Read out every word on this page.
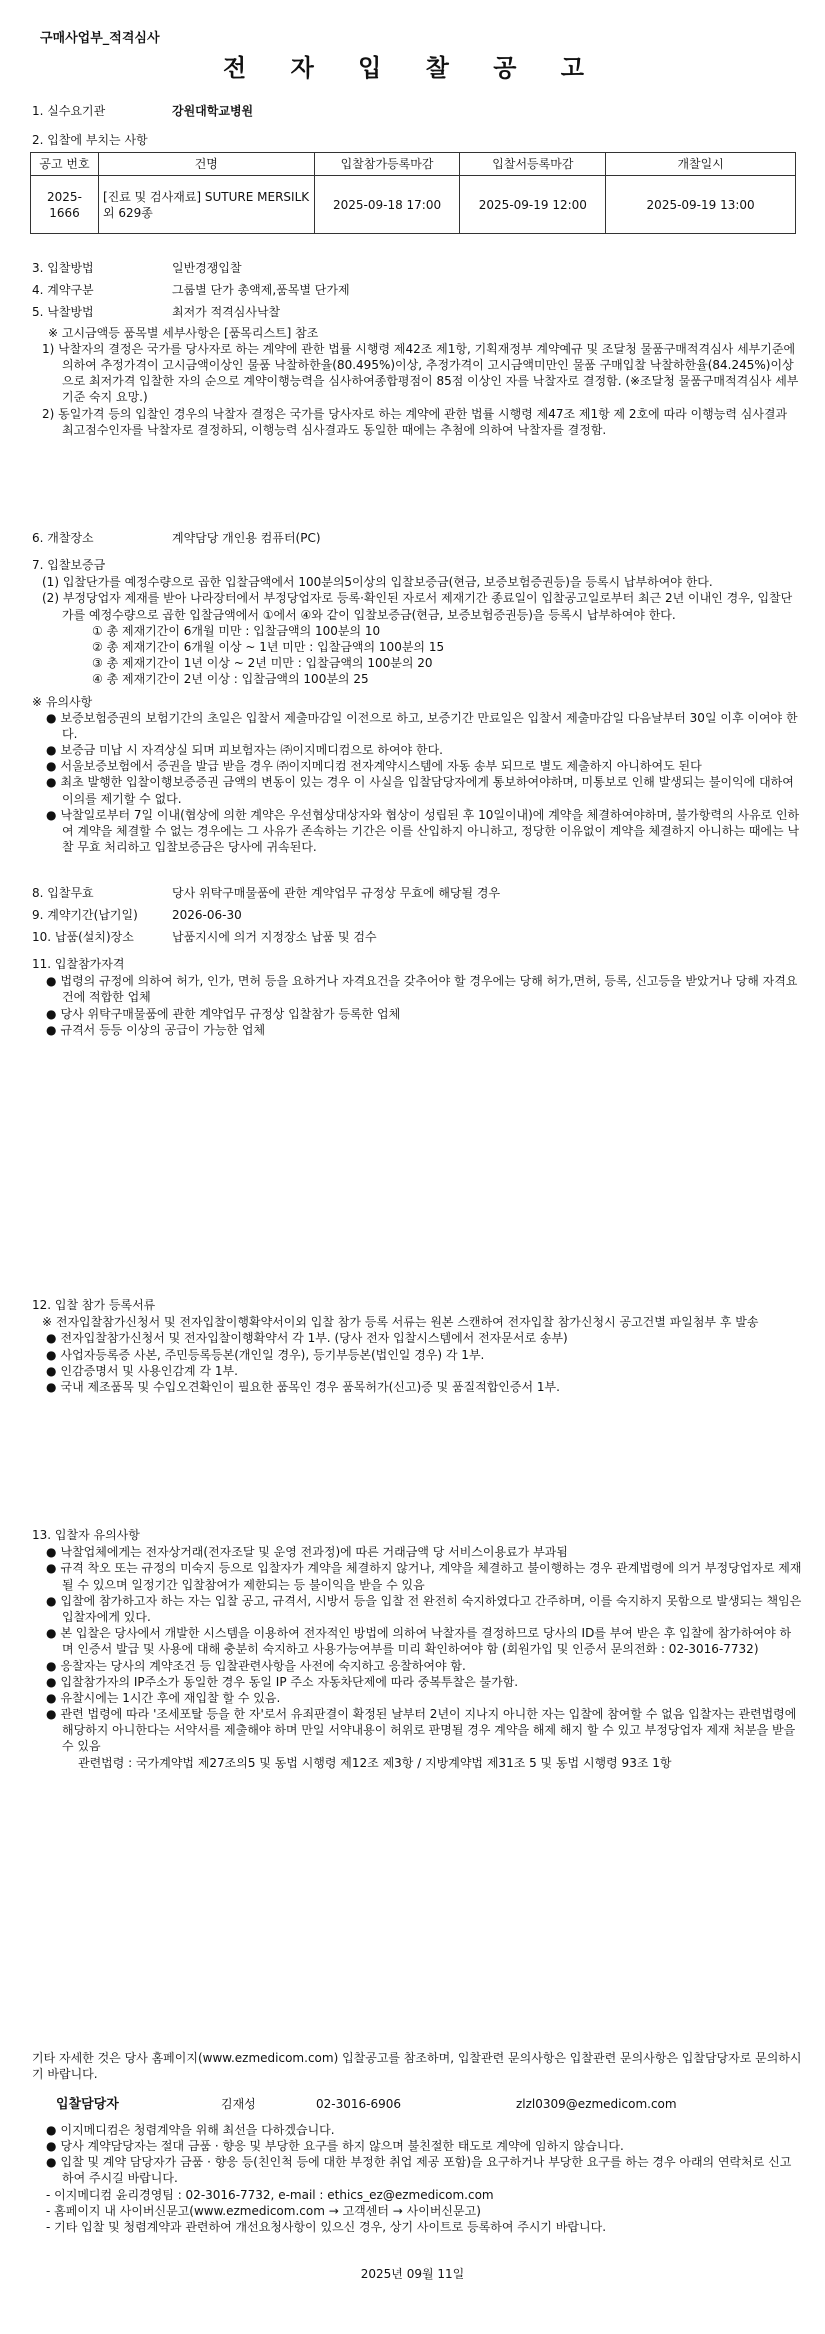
구매사업부_적격심사
전 자 입 찰 공 고
1. 실수요기관	강원대학교병원
2. 입찰에 부치는 사항
공고 번호	건명	입찰참가등록마감	입찰서등록마감	개찰일시
2025-1666	[진료 및 검사재료] SUTURE MERSILK 외 629종	2025-09-18 17:00	2025-09-19 12:00	2025-09-19 13:00
3. 입찰방법	일반경쟁입찰
4. 계약구분	그룹별 단가 총액제,품목별 단가제
5. 낙찰방법	최저가 적격심사낙찰
※ 고시금액등 품목별 세부사항은 [품목리스트] 참조
1) 낙찰자의 결정은 국가를 당사자로 하는 계약에 관한 법률 시행령 제42조 제1항, 기획재정부 계약예규 및 조달청 물품구매적격심사 세부기준에 의하여 추정가격이 고시금액이상인 물품 낙찰하한율(80.495%)이상, 추정가격이 고시금액미만인 물품 구매입찰 낙찰하한율(84.245%)이상으로 최저가격 입찰한 자의 순으로 계약이행능력을 심사하여종합평점이 85점 이상인 자를 낙찰자로 결정함. (※조달청 물품구매적격심사 세부기준 숙지 요망.)
2) 동일가격 등의 입찰인 경우의 낙찰자 결정은 국가를 당사자로 하는 계약에 관한 법률 시행령 제47조 제1항 제 2호에 따라 이행능력 심사결과 최고점수인자를 낙찰자로 결정하되, 이행능력 심사결과도 동일한 때에는 추첨에 의하여 낙찰자를 결정함.
6. 개찰장소	계약담당 개인용 컴퓨터(PC)
7. 입찰보증금
(1) 입찰단가를 예정수량으로 곱한 입찰금액에서 100분의5이상의 입찰보증금(현금, 보증보험증권등)을 등록시 납부하여야 한다.
(2) 부정당업자 제재를 받아 나라장터에서 부정당업자로 등록·확인된 자로서 제재기간 종료일이 입찰공고일로부터 최근 2년 이내인 경우, 입찰단가를 예정수량으로 곱한 입찰금액에서 ①에서 ④와 같이 입찰보증금(현금, 보증보험증권등)을 등록시 납부하여야 한다.
① 총 제재기간이 6개월 미만 : 입찰금액의 100분의 10
② 총 제재기간이 6개월 이상 ~ 1년 미만 : 입찰금액의 100분의 15
③ 총 제재기간이 1년 이상 ~ 2년 미만 : 입찰금액의 100분의 20
④ 총 제재기간이 2년 이상 : 입찰금액의 100분의 25
※ 유의사항
● 보증보험증권의 보험기간의 초일은 입찰서 제출마감일 이전으로 하고, 보증기간 만료일은 입찰서 제출마감일 다음날부터 30일 이후 이여야 한다.
● 보증금 미납 시 자격상실 되며 피보험자는 ㈜이지메디컴으로 하여야 한다.
● 서울보증보험에서 증권을 발급 받을 경우 ㈜이지메디컴 전자계약시스템에 자동 송부 되므로 별도 제출하지 아니하여도 된다
● 최초 발행한 입찰이행보증증권 금액의 변동이 있는 경우 이 사실을 입찰담당자에게 통보하여야하며, 미통보로 인해 발생되는 불이익에 대하여 이의를 제기할 수 없다.
● 낙찰일로부터 7일 이내(협상에 의한 계약은 우선협상대상자와 협상이 성립된 후 10일이내)에 계약을 체결하여야하며, 불가항력의 사유로 인하여 계약을 체결할 수 없는 경우에는 그 사유가 존속하는 기간은 이를 산입하지 아니하고, 정당한 이유없이 계약을 체결하지 아니하는 때에는 낙찰 무효 처리하고 입찰보증금은 당사에 귀속된다.
8. 입찰무효	당사 위탁구매물품에 관한 계약업무 규정상 무효에 해당될 경우
9. 계약기간(납기일)	2026-06-30
10. 납품(설치)장소	납품지시에 의거 지정장소 납품 및 검수
11. 입찰참가자격
● 법령의 규정에 의하여 허가, 인가, 면허 등을 요하거나 자격요건을 갖추어야 할 경우에는 당해 허가,면허, 등록, 신고등을 받았거나 당해 자격요건에 적합한 업체
● 당사 위탁구매물품에 관한 계약업무 규정상 입찰참가 등록한 업체
● 규격서 등등 이상의 공급이 가능한 업체
12. 입찰 참가 등록서류
※ 전자입찰참가신청서 및 전자입찰이행확약서이외 입찰 참가 등록 서류는 원본 스캔하여 전자입찰 참가신청시 공고건별 파일첨부 후 발송
● 전자입찰참가신청서 및 전자입찰이행확약서 각 1부. (당사 전자 입찰시스템에서 전자문서로 송부)
● 사업자등록증 사본, 주민등록등본(개인일 경우), 등기부등본(법인일 경우) 각 1부.
● 인감증명서 및 사용인감계 각 1부.
● 국내 제조품목 및 수입오견확인이 필요한 품목인 경우 품목허가(신고)증 및 품질적합인증서 1부.
13. 입찰자 유의사항
● 낙찰업체에게는 전자상거래(전자조달 및 운영 전과정)에 따른 거래금액 당 서비스이용료가 부과됨
● 규격 착오 또는 규정의 미숙지 등으로 입찰자가 계약을 체결하지 않거나, 계약을 체결하고 불이행하는 경우 관계법령에 의거 부정당업자로 제재될 수 있으며 일정기간 입찰참여가 제한되는 등 불이익을 받을 수 있음
● 입찰에 참가하고자 하는 자는 입찰 공고, 규격서, 시방서 등을 입찰 전 완전히 숙지하였다고 간주하며, 이를 숙지하지 못함으로 발생되는 책임은 입찰자에게 있다.
● 본 입찰은 당사에서 개발한 시스템을 이용하여 전자적인 방법에 의하여 낙찰자를 결정하므로 당사의 ID를 부여 받은 후 입찰에 참가하여야 하며 인증서 발급 및 사용에 대해 충분히 숙지하고 사용가능여부를 미리 확인하여야 함 (회원가입 및 인증서 문의전화 : 02-3016-7732)
● 응찰자는 당사의 계약조건 등 입찰관련사항을 사전에 숙지하고 응찰하여야 함.
● 입찰참가자의 IP주소가 동일한 경우 동일 IP 주소 자동차단제에 따라 중복투찰은 불가함.
● 유찰시에는 1시간 후에 재입찰 할 수 있음.
● 관련 법령에 따라 '조세포탈 등을 한 자'로서 유죄판결이 확정된 날부터 2년이 지나지 아니한 자는 입찰에 참여할 수 없음 입찰자는 관련법령에 해당하지 아니한다는 서약서를 제출해야 하며 만일 서약내용이 허위로 판명될 경우 계약을 해제 해지 할 수 있고 부정당업자 제재 처분을 받을 수 있음
관련법령 : 국가계약법 제27조의5 및 동법 시행령 제12조 제3항 / 지방계약법 제31조 5 및 동법 시행령 93조 1항
기타 자세한 것은 당사 홈페이지(www.ezmedicom.com) 입찰공고를 참조하며, 입찰관련 문의사항은 입찰관련 문의사항은 입찰담당자로 문의하시기 바랍니다.
입찰담당자	김재성	02-3016-6906	zlzl0309@ezmedicom.com
● 이지메디컴은 청렴계약을 위해 최선을 다하겠습니다.
● 당사 계약담당자는 절대 금품 · 향응 및 부당한 요구를 하지 않으며 불친절한 태도로 계약에 임하지 않습니다.
● 입찰 및 계약 담당자가 금품 · 향응 등(친인척 등에 대한 부정한 취업 제공 포함)을 요구하거나 부당한 요구를 하는 경우 아래의 연락처로 신고하여 주시길 바랍니다.
- 이지메디컴 윤리경영팀 : 02-3016-7732, e-mail : ethics_ez@ezmedicom.com
- 홈페이지 내 사이버신문고(www.ezmedicom.com → 고객센터 → 사이버신문고)
- 기타 입찰 및 청렴계약과 관련하여 개선요청사항이 있으신 경우, 상기 사이트로 등록하여 주시기 바랍니다.
2025년 09월 11일
